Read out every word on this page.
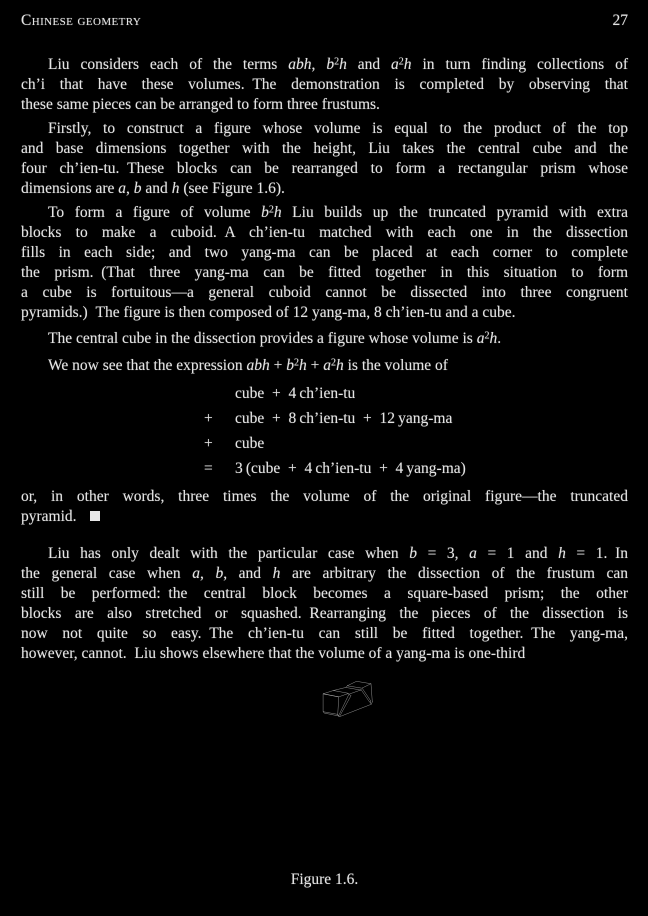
Chinese geometry	27
Liu considers each of the terms abh, $b^2h$ and $a^2h$ in turn finding collections of
ch’i that have these volumes. The demonstration is completed by observing that
these same pieces can be arranged to form three frustums.
Firstly, to construct a figure whose volume is equal to the product of the top
and base dimensions together with the height, Liu takes the central cube and the
four ch’ien-tu. These blocks can be rearranged to form a rectangular prism whose
dimensions are a, b and h (see Figure 1.6).
To form a figure of volume $b^2h$ Liu builds up the truncated pyramid with extra
blocks to make a cuboid. A ch’ien-tu matched with each one in the dissection
fills in each side; and two yang-ma can be placed at each corner to complete
the prism. (That three yang-ma can be fitted together in this situation to form
a cube is fortuitous—a general cuboid cannot be dissected into three congruent
pyramids.) The figure is then composed of 12 yang-ma, 8 ch’ien-tu and a cube.
The central cube in the dissection provides a figure whose volume is $a^2h$.
We now see that the expression abh + $b^2h + a^2h$ is the volume of
cube + 4 ch’ien-tu
+	cube + 8 ch’ien-tu + 12 yang-ma
+	cube
=	3 (cube + 4 ch’ien-tu + 4 yang-ma)
or, in other words, three times the volume of the original figure—the truncated
pyramid.
Liu has only dealt with the particular case when b = 3, a = 1 and h = 1. In
the general case when a, b, and h are arbitrary the dissection of the frustum can
still be performed: the central block becomes a square-based prism; the other
blocks are also stretched or squashed. Rearranging the pieces of the dissection is
now not quite so easy. The ch’ien-tu can still be fitted together. The yang-ma,
however, cannot. Liu shows elsewhere that the volume of a yang-ma is one-third
Figure 1.6.
